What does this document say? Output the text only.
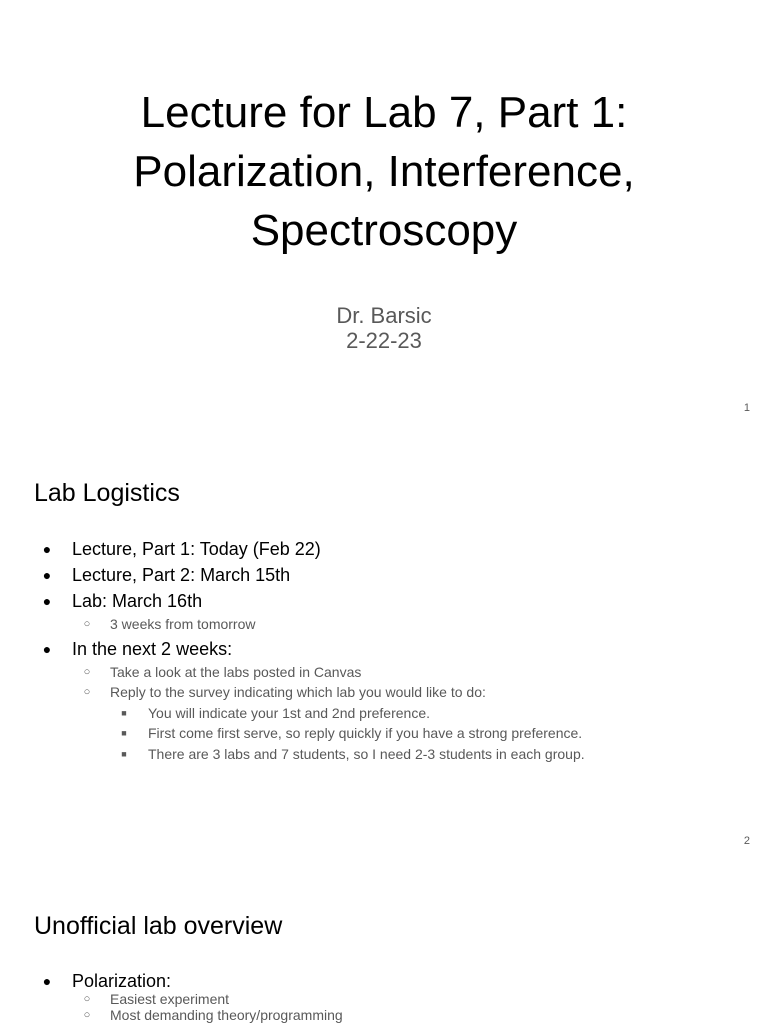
Lecture for Lab 7, Part 1:
Polarization, Interference,
Spectroscopy
Dr. Barsic
2-22-23
1
Lab Logistics
● Lecture, Part 1: Today (Feb 22)
● Lecture, Part 2: March 15th
● Lab: March 16th
○ 3 weeks from tomorrow
● In the next 2 weeks:
○ Take a look at the labs posted in Canvas
○ Reply to the survey indicating which lab you would like to do:
■ You will indicate your 1st and 2nd preference.
■ First come first serve, so reply quickly if you have a strong preference.
■ There are 3 labs and 7 students, so I need 2-3 students in each group.
2
Unofficial lab overview
● Polarization:
○ Easiest experiment
○ Most demanding theory/programming
